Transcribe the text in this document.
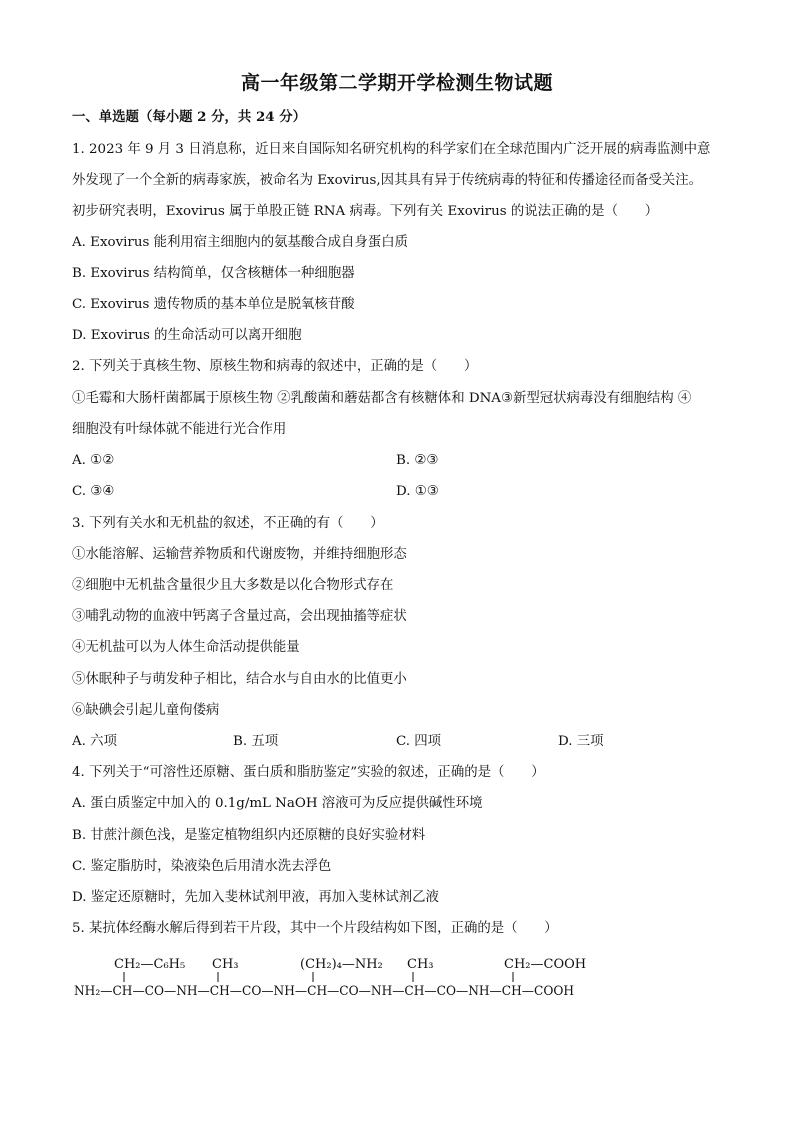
高一年级第二学期开学检测生物试题
一、单选题（每小题 2 分，共 24 分）
1. 2023 年 9 月 3 日消息称，近日来自国际知名研究机构的科学家们在全球范围内广泛开展的病毒监测中意
外发现了一个全新的病毒家族，被命名为 Exovirus,因其具有异于传统病毒的特征和传播途径而备受关注。
初步研究表明，Exovirus 属于单股正链 RNA 病毒。下列有关 Exovirus 的说法正确的是（　　）
A. Exovirus 能利用宿主细胞内的氨基酸合成自身蛋白质
B. Exovirus 结构简单，仅含核糖体一种细胞器
C. Exovirus 遗传物质的基本单位是脱氧核苷酸
D. Exovirus 的生命活动可以离开细胞
2. 下列关于真核生物、原核生物和病毒的叙述中，正确的是（　　）
①毛霉和大肠杆菌都属于原核生物 ②乳酸菌和蘑菇都含有核糖体和 DNA③新型冠状病毒没有细胞结构 ④
细胞没有叶绿体就不能进行光合作用
A. ①②	B. ②③
C. ③④	D. ①③
3. 下列有关水和无机盐的叙述，不正确的有（　　）
①水能溶解、运输营养物质和代谢废物，并维持细胞形态
②细胞中无机盐含量很少且大多数是以化合物形式存在
③哺乳动物的血液中钙离子含量过高，会出现抽搐等症状
④无机盐可以为人体生命活动提供能量
⑤休眠种子与萌发种子相比，结合水与自由水的比值更小
⑥缺碘会引起儿童佝偻病
A. 六项	B. 五项	C. 四项	D. 三项
4. 下列关于“可溶性还原糖、蛋白质和脂肪鉴定”实验的叙述，正确的是（　　）
A. 蛋白质鉴定中加入的 0.1g/mL NaOH 溶液可为反应提供碱性环境
B. 甘蔗汁颜色浅，是鉴定植物组织内还原糖的良好实验材料
C. 鉴定脂肪时，染液染色后用清水洗去浮色
D. 鉴定还原糖时，先加入斐林试剂甲液，再加入斐林试剂乙液
5. 某抗体经酶水解后得到若干片段，其中一个片段结构如下图，正确的是（　　）
CH₂—C₆H₅ CH₃	(CH₂)₄—NH₂ CH₃	CH₂—COOH
NH₂—CH—CO—NH—CH—CO—NH—CH—CO—NH—CH—CO—NH—CH—COOH
